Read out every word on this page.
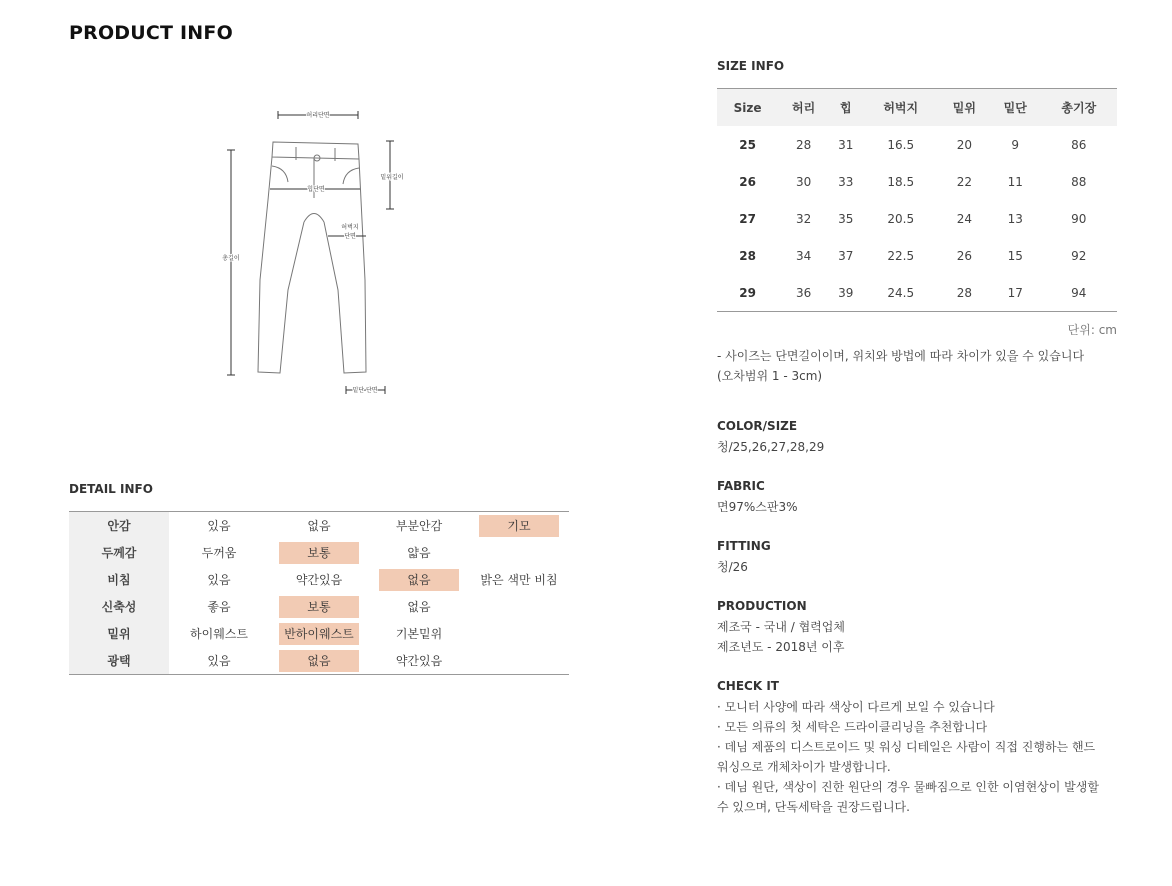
PRODUCT INFO
허리단면
밑위길이
힙단면
총길이
허벅지
단면
밑단 단면
DETAIL INFO
안감	있음	없음	부분안감	기모
두께감	두꺼움	보통	얇음	
비침	있음	약간있음	없음	밝은 색만 비침
신축성	좋음	보통	없음	
밑위	하이웨스트	반하이웨스트	기본밑위	
광택	있음	없음	약간있음	
SIZE INFO
Size	허리	힙	허벅지	밑위	밑단	총기장
25	28	31	16.5	20	9	86
26	30	33	18.5	22	11	88
27	32	35	20.5	24	13	90
28	34	37	22.5	26	15	92
29	36	39	24.5	28	17	94
단위: cm
- 사이즈는 단면길이이며, 위치와 방법에 따라 차이가 있을 수 있습니다
(오차범위 1 - 3cm)
COLOR/SIZE
청/25,26,27,28,29
FABRIC
면97%스판3%
FITTING
청/26
PRODUCTION
제조국 - 국내 / 협력업체
제조년도 - 2018년 이후
CHECK IT
· 모니터 사양에 따라 색상이 다르게 보일 수 있습니다
· 모든 의류의 첫 세탁은 드라이클리닝을 추천합니다
· 데님 제품의 디스트로이드 및 워싱 디테일은 사람이 직접 진행하는 핸드
워싱으로 개체차이가 발생합니다.
· 데님 원단, 색상이 진한 원단의 경우 물빠짐으로 인한 이염현상이 발생할
수 있으며, 단독세탁을 권장드립니다.
